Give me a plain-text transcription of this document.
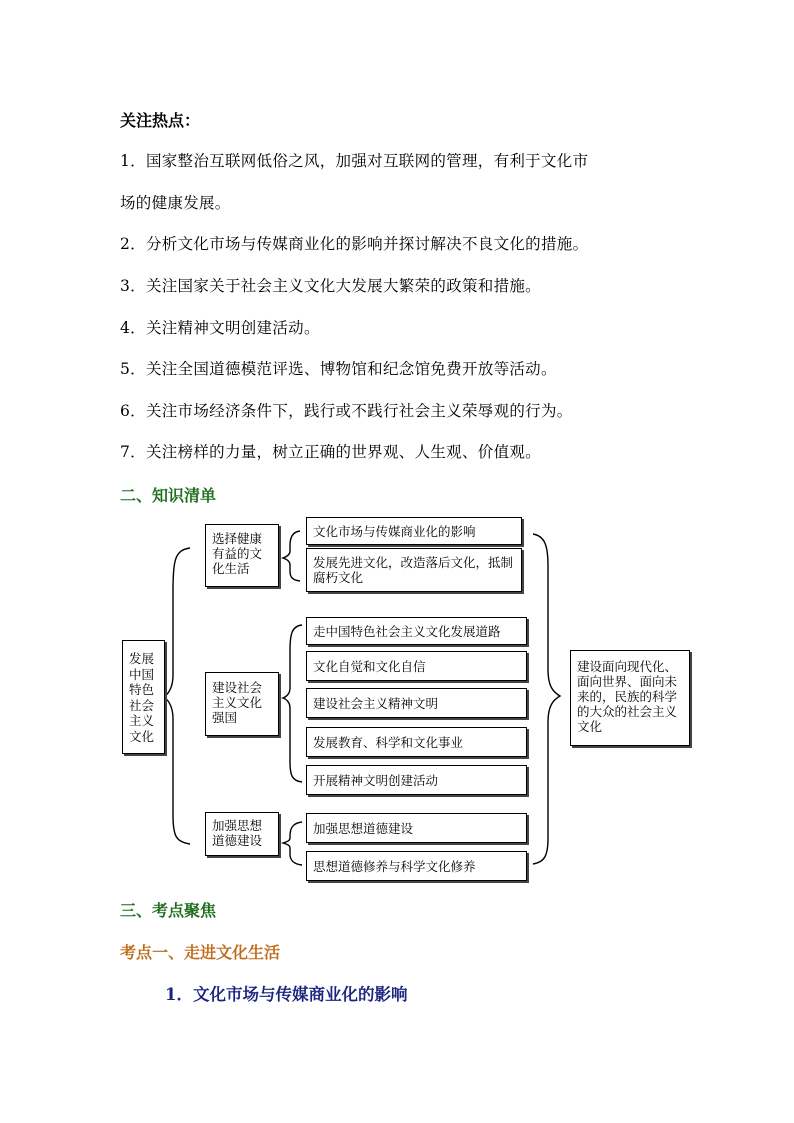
关注热点：
1．国家整治互联网低俗之风，加强对互联网的管理，有利于文化市
场的健康发展。
2．分析文化市场与传媒商业化的影响并探讨解决不良文化的措施。
3．关注国家关于社会主义文化大发展大繁荣的政策和措施。
4．关注精神文明创建活动。
5．关注全国道德模范评选、博物馆和纪念馆免费开放等活动。
6．关注市场经济条件下，践行或不践行社会主义荣辱观的行为。
7．关注榜样的力量，树立正确的世界观、人生观、价值观。
二、知识清单
发展中国特色社会主义文化
选择健康有益的文化生活
建设社会主义文化强国
加强思想道德建设
文化市场与传媒商业化的影响
发展先进文化，改造落后文化，抵制腐朽文化
走中国特色社会主义文化发展道路
文化自觉和文化自信
建设社会主义精神文明
发展教育、科学和文化事业
开展精神文明创建活动
加强思想道德建设
思想道德修养与科学文化修养
建设面向现代化、面向世界、面向未来的，民族的科学的大众的社会主义文化
三、考点聚焦
考点一、走进文化生活
1．文化市场与传媒商业化的影响
